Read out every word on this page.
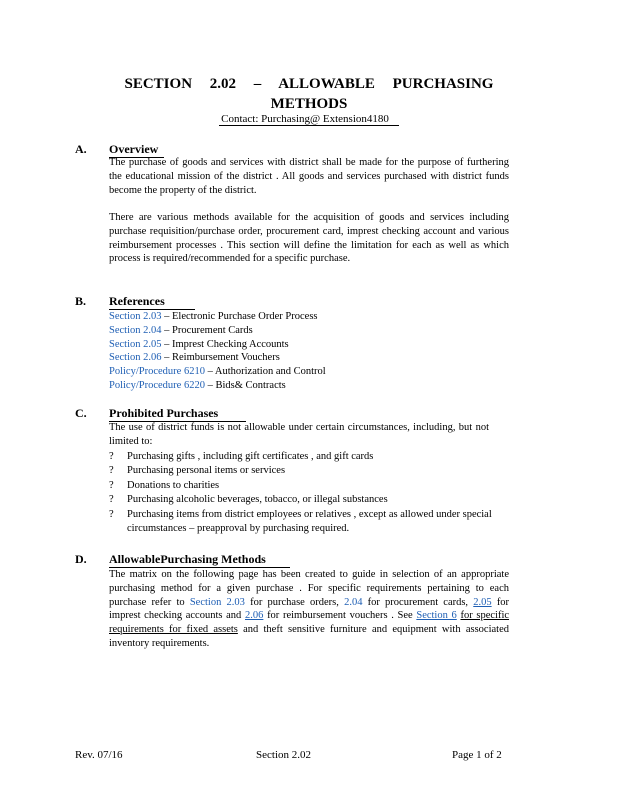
SECTION 2.02 – ALLOWABLE PURCHASING
METHODS
Contact: Purchasing@ Extension4180
A. Overview

The purchase of goods and services with district shall be made for the purpose of furthering the educational mission of the district . All goods and services purchased with district funds become the property of the district.

There are various methods available for the acquisition of goods and services including purchase requisition/purchase order, procurement card, imprest checking account and various reimbursement processes . This section will define the limitation for each as well as which process is required/recommended for a specific purchase.

B. References
Section 2.03 – Electronic Purchase Order Process
Section 2.04 – Procurement Cards
Section 2.05 – Imprest Checking Accounts
Section 2.06 – Reimbursement Vouchers
Policy/Procedure 6210 – Authorization and Control
Policy/Procedure 6220 – Bids& Contracts
C. Prohibited Purchases

The use of district funds is not allowable under certain circumstances, including, but not limited to:

?	Purchasing gifts , including gift certificates , and gift cards
?	Purchasing personal items or services
?	Donations to charities
?	Purchasing alcoholic beverages, tobacco, or illegal substances
?	Purchasing items from district employees or relatives , except as allowed under special circumstances – preapproval by purchasing required.
D. AllowablePurchasing Methods

The matrix on the following page has been created to guide in selection of an appropriate purchasing method for a given purchase . For specific requirements pertaining to each purchase refer to Section 2.03 for purchase orders, 2.04 for procurement cards, 2.05 for imprest checking accounts and 2.06 for reimbursement vouchers . See Section 6 for specific requirements for fixed assets and theft sensitive furniture and equipment with associated inventory requirements.

Rev. 07/16	Section 2.02	Page 1 of 2
